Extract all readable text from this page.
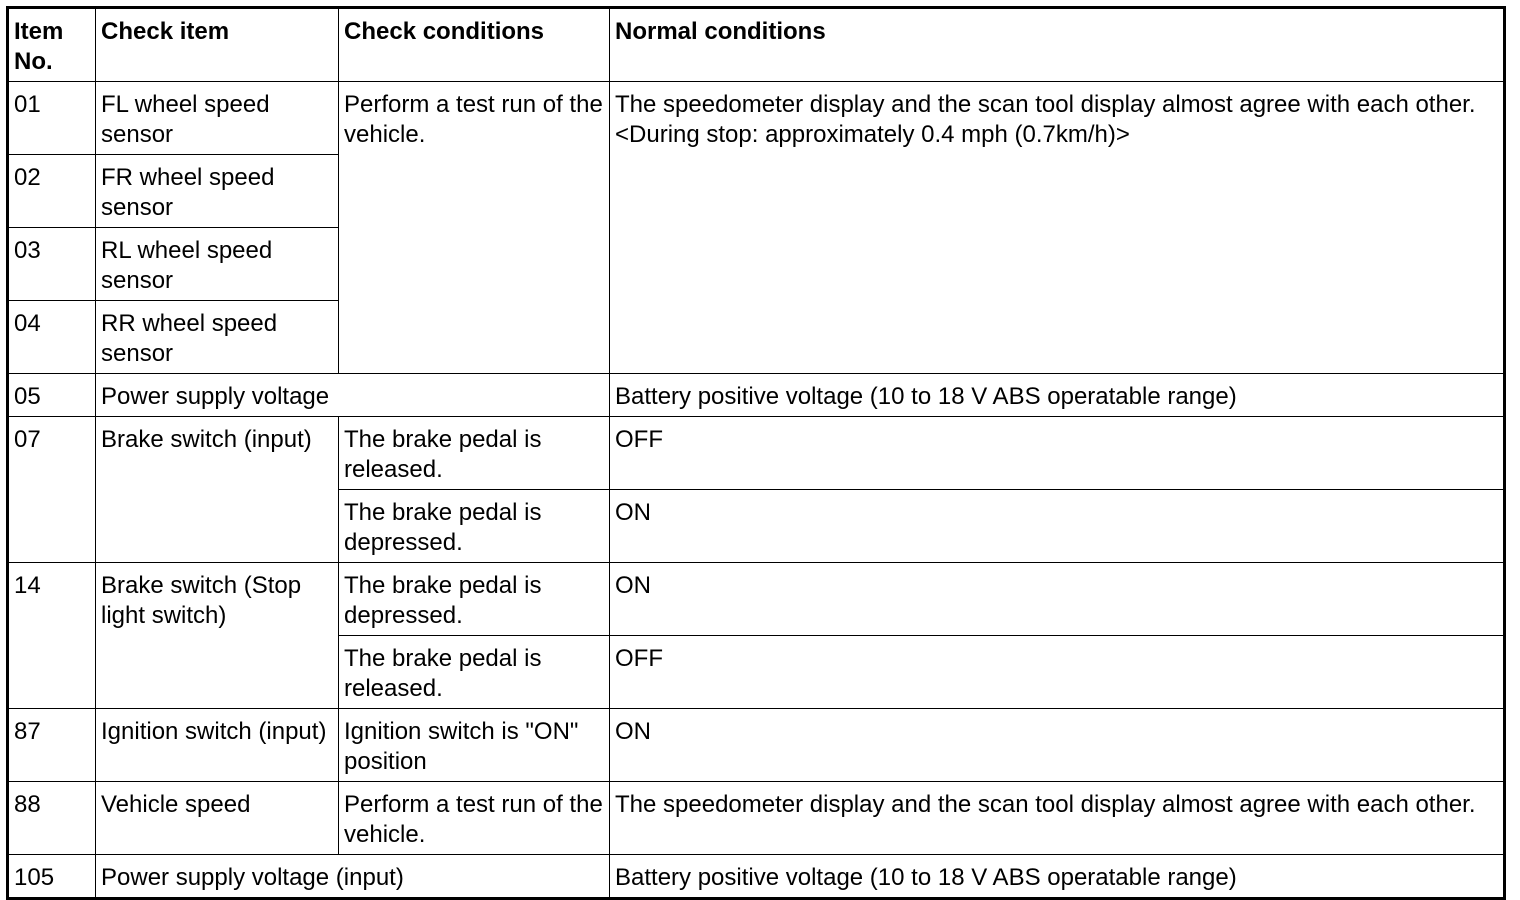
Item No.	Check item	Check conditions	Normal conditions
01	FL wheel speed sensor	Perform a test run of the vehicle.	The speedometer display and the scan tool display almost agree with each other. <During stop: approximately 0.4 mph (0.7km/h)>
02	FR wheel speed sensor		
03	RL wheel speed sensor		
04	RR wheel speed sensor		
05	Power supply voltage		Battery positive voltage (10 to 18 V ABS operatable range)
07	Brake switch (input)	The brake pedal is released.	OFF
		The brake pedal is depressed.	ON
14	Brake switch (Stop light switch)	The brake pedal is depressed.	ON
		The brake pedal is released.	OFF
87	Ignition switch (input)	Ignition switch is "ON" position	ON
88	Vehicle speed	Perform a test run of the vehicle.	The speedometer display and the scan tool display almost agree with each other.
105	Power supply voltage (input)		Battery positive voltage (10 to 18 V ABS operatable range)
